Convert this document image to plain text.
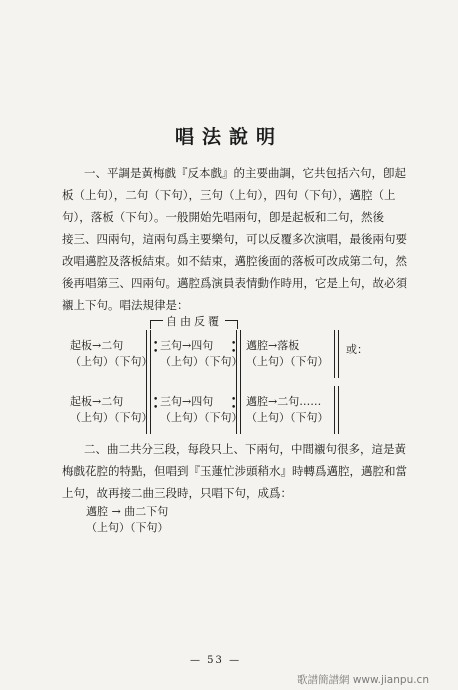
唱法說明
一、平調是黃梅戲『反本戲』的主要曲調，它共包括六句，卽起
板（上句），二句（下句），三句（上句），四句（下句），邁腔（上
句），落板（下句）。一般開始先唱兩句，卽是起板和二句，然後
接三、四兩句，這兩句爲主要樂句，可以反覆多次演唱，最後兩句要
改唱邁腔及落板結束。如不結束，邁腔後面的落板可改成第二句，然
後再唱第三、四兩句。邁腔爲演員表情動作時用，它是上句，故必須
襯上下句。唱法規律是：
自由反覆
•
•
•
•
•
•
•
•
起板→二句
（上句）（下句）
三句→四句
（上句）（下句）
邁腔→落板
（上句）（下句）
或：
起板→二句
（上句）（下句）
三句→四句
（上句）（下句）
邁腔→二句……
（上句）（下句）
二、曲二共分三段，每段只上、下兩句，中間襯句很多，這是黃
梅戲花腔的特點，但唱到『玉蓮忙涉頭稍水』時轉爲邁腔，邁腔和當
上句，故再接二曲三段時，只唱下句，成爲：
邁腔 → 曲二下句
（上句）（下句）
— 53 —
歌譜簡譜網 www.jianpu.cn
